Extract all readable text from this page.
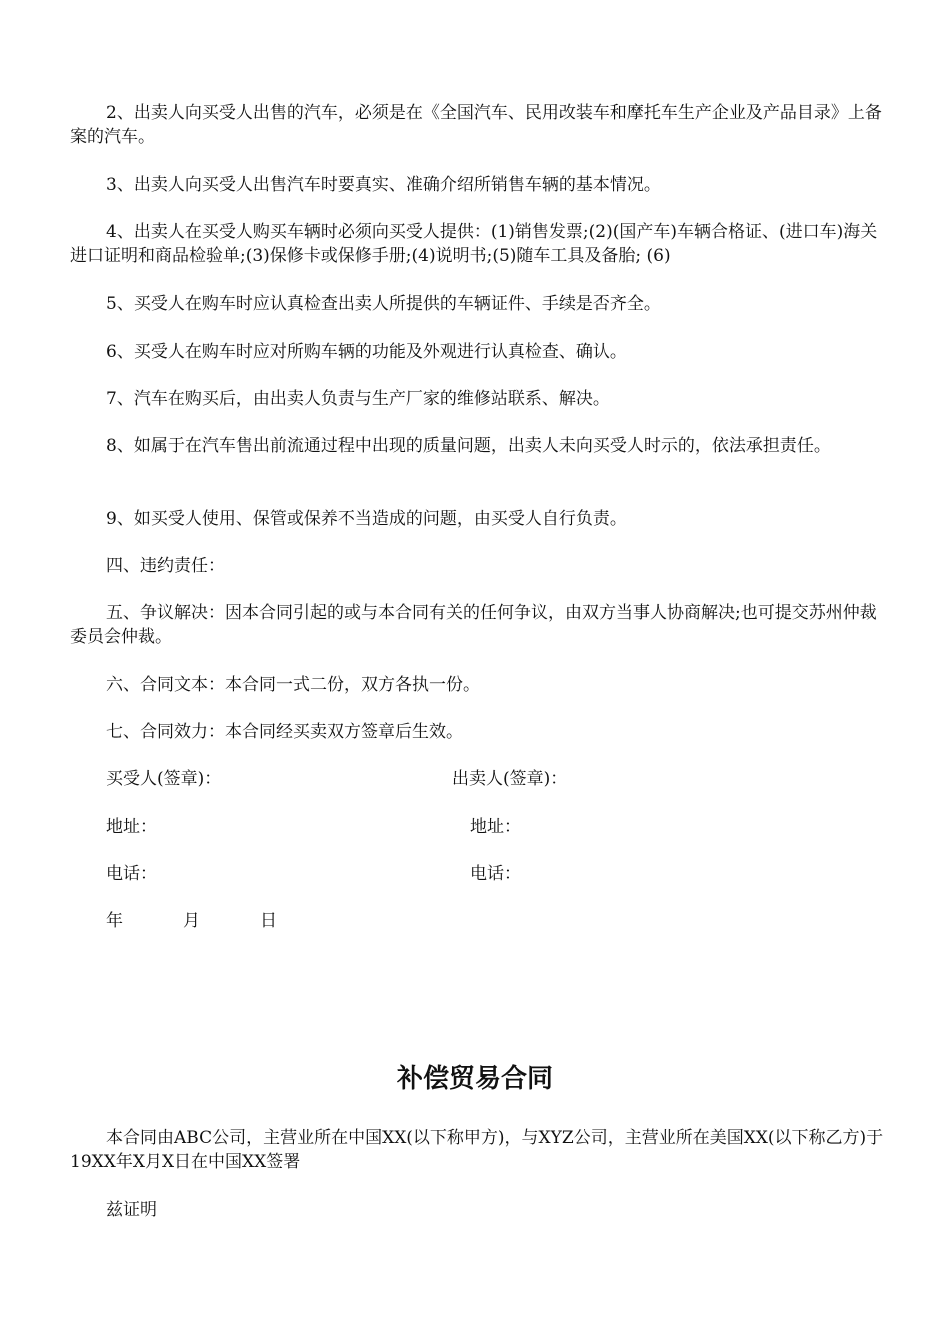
2、出卖人向买受人出售的汽车，必须是在《全国汽车、民用改装车和摩托车生产企业及产品目录》上备案的汽车。

3、出卖人向买受人出售汽车时要真实、准确介绍所销售车辆的基本情况。

4、出卖人在买受人购买车辆时必须向买受人提供：(1)销售发票;(2)(国产车)车辆合格证、(进口车)海关进口证明和商品检验单;(3)保修卡或保修手册;(4)说明书;(5)随车工具及备胎; (6)

5、买受人在购车时应认真检查出卖人所提供的车辆证件、手续是否齐全。

6、买受人在购车时应对所购车辆的功能及外观进行认真检查、确认。

7、汽车在购买后，由出卖人负责与生产厂家的维修站联系、解决。

8、如属于在汽车售出前流通过程中出现的质量问题，出卖人未向买受人时示的，依法承担责任。

9、如买受人使用、保管或保养不当造成的问题，由买受人自行负责。

四、违约责任：

五、争议解决：因本合同引起的或与本合同有关的任何争议，由双方当事人协商解决;也可提交苏州仲裁委员会仲裁。

六、合同文本：本合同一式二份，双方各执一份。

七、合同效力：本合同经买卖双方签章后生效。

买受人(签章)：	出卖人(签章)：

地址：	地址：

电话：	电话：

年	月	日

补偿贸易合同

本合同由ABC公司，主营业所在中国XX(以下称甲方)，与XYZ公司，主营业所在美国XX(以下称乙方)于19XX年X月X日在中国XX签署

兹证明
